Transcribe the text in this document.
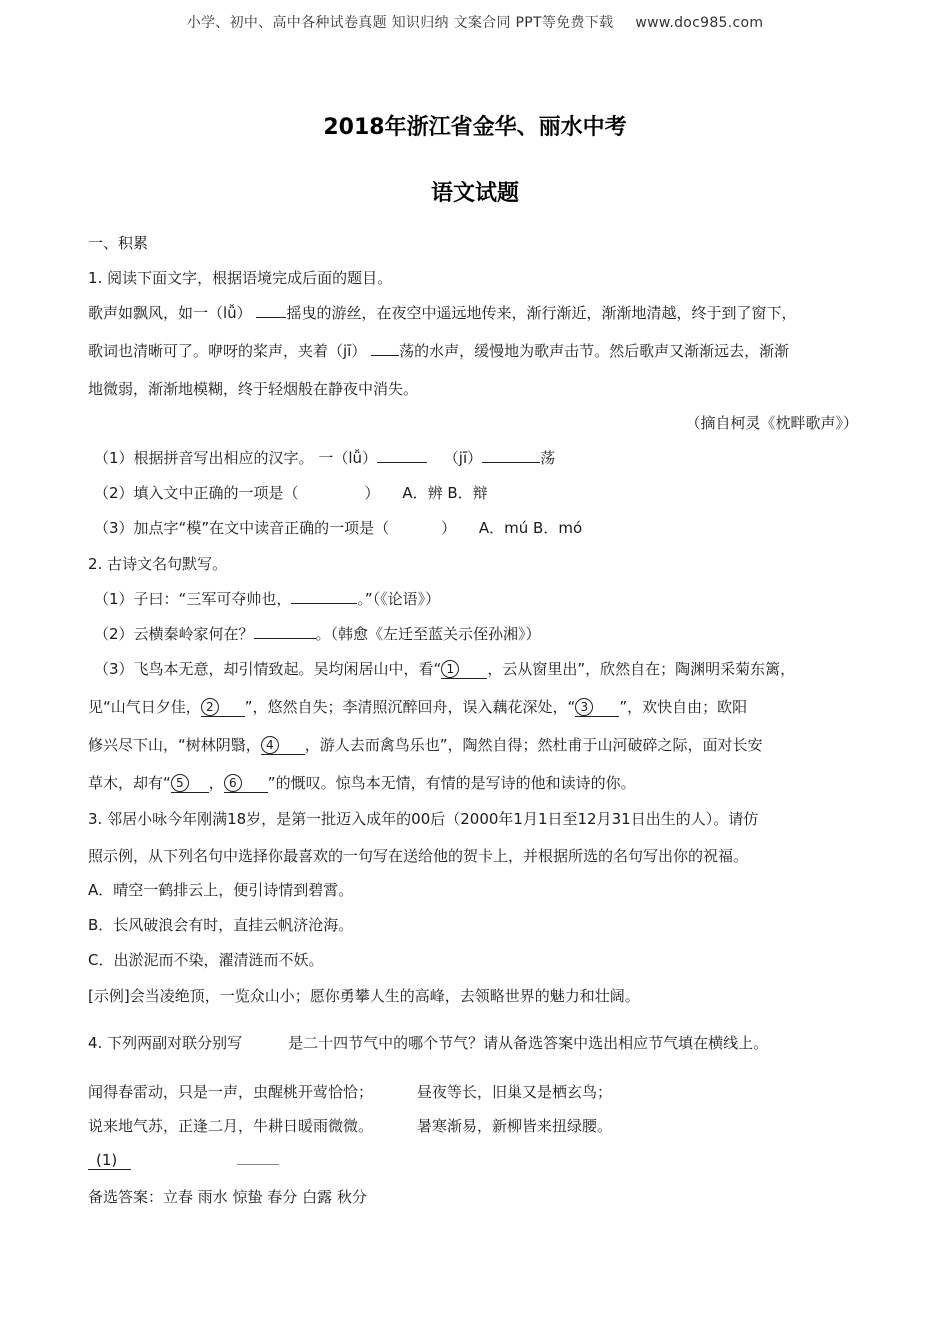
小学、初中、高中各种试卷真题 知识归纳 文案合同 PPT等免费下载 www.doc985.com
2018年浙江省金华、丽水中考
语文试题
一、积累
1. 阅读下面文字，根据语境完成后面的题目。
歌声如飘风，如一（lǚ） 摇曳的游丝，在夜空中遥远地传来，渐行渐近，渐渐地清越，终于到了窗下，
歌词也清晰可了。咿呀的桨声，夹着（jī） 荡的水声，缓慢地为歌声击节。然后歌声又渐渐远去，渐渐
地微弱，渐渐地模糊，终于轻烟般在静夜中消失。
（摘自柯灵《枕畔歌声》）
（1）根据拼音写出相应的汉字。 一（lǚ）	（jī）	荡
（2）填入文中正确的一项是（	） A．辨 B．辩
（3）加点字“模”在文中读音正确的一项是（	） A．mú B．mó
2. 古诗文名句默写。
（1）子曰：“三军可夺帅也，	。”（《论语》）
（2）云横秦岭家何在？	。（韩愈《左迁至蓝关示侄孙湘》）
（3）飞鸟本无意，却引情致起。吴均闲居山中，看“ 1 ，云从窗里出”，欣然自在；陶渊明采菊东篱，
见“山气日夕佳， 2 ”，悠然自失；李清照沉醉回舟，误入藕花深处，“ 3 ”，欢快自由；欧阳
修兴尽下山，“树林阴翳， 4 ，游人去而禽鸟乐也”，陶然自得；然杜甫于山河破碎之际，面对长安
草木，却有“ 5 ， 6 ”的慨叹。惊鸟本无情，有情的是写诗的他和读诗的你。
3. 邻居小咏今年刚满18岁，是第一批迈入成年的00后（2000年1月1日至12月31日出生的人）。请仿
照示例，从下列名句中选择你最喜欢的一句写在送给他的贺卡上，并根据所选的名句写出你的祝福。
A．晴空一鹤排云上，便引诗情到碧霄。
B．长风破浪会有时，直挂云帆济沧海。
C．出淤泥而不染，濯清涟而不妖。
[示例]会当凌绝顶，一览众山小；愿你勇攀人生的高峰，去领略世界的魅力和壮阔。
4. 下列两副对联分别写	是二十四节气中的哪个节气？请从备选答案中选出相应节气填在横线上。
闻得春雷动，只是一声，虫醒桃开莺恰恰；	昼夜等长，旧巢又是栖玄鸟；
说来地气苏，正逢二月，牛耕日暖雨微微。	暑寒渐易，新柳皆来扭绿腰。
(1)
备选答案：立春 雨水 惊蛰 春分 白露 秋分
